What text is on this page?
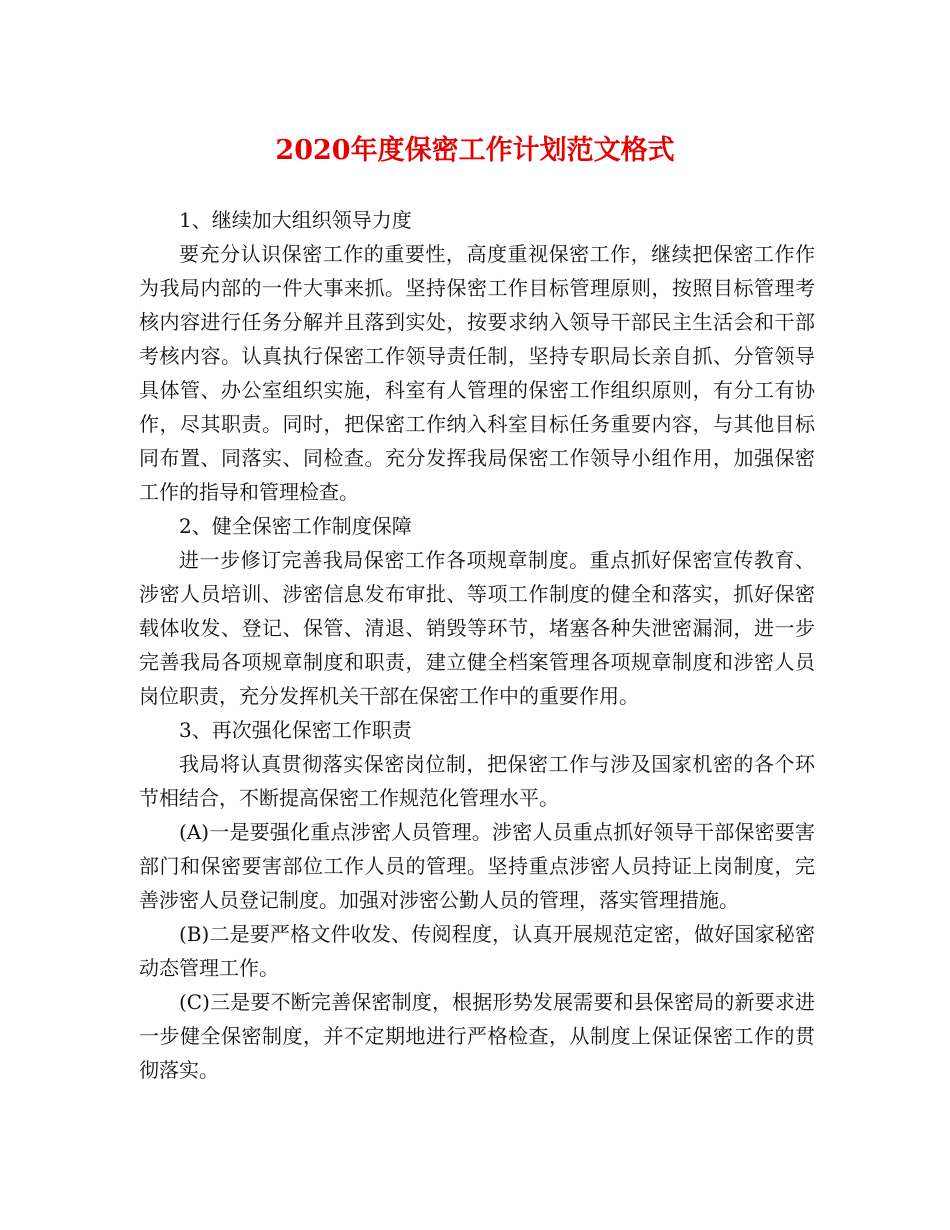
2020年度保密工作计划范文格式

1、继续加大组织领导力度

要充分认识保密工作的重要性，高度重视保密工作，继续把保密工作作为我局内部的一件大事来抓。坚持保密工作目标管理原则，按照目标管理考核内容进行任务分解并且落到实处，按要求纳入领导干部民主生活会和干部考核内容。认真执行保密工作领导责任制，坚持专职局长亲自抓、分管领导具体管、办公室组织实施，科室有人管理的保密工作组织原则，有分工有协作，尽其职责。同时，把保密工作纳入科室目标任务重要内容，与其他目标同布置、同落实、同检查。充分发挥我局保密工作领导小组作用，加强保密工作的指导和管理检查。

2、健全保密工作制度保障

进一步修订完善我局保密工作各项规章制度。重点抓好保密宣传教育、涉密人员培训、涉密信息发布审批、等项工作制度的健全和落实，抓好保密载体收发、登记、保管、清退、销毁等环节，堵塞各种失泄密漏洞，进一步完善我局各项规章制度和职责，建立健全档案管理各项规章制度和涉密人员岗位职责，充分发挥机关干部在保密工作中的重要作用。

3、再次强化保密工作职责

我局将认真贯彻落实保密岗位制，把保密工作与涉及国家机密的各个环节相结合，不断提高保密工作规范化管理水平。

(A)一是要强化重点涉密人员管理。涉密人员重点抓好领导干部保密要害部门和保密要害部位工作人员的管理。坚持重点涉密人员持证上岗制度，完善涉密人员登记制度。加强对涉密公勤人员的管理，落实管理措施。

(B)二是要严格文件收发、传阅程度，认真开展规范定密，做好国家秘密动态管理工作。

(C)三是要不断完善保密制度，根据形势发展需要和县保密局的新要求进一步健全保密制度，并不定期地进行严格检查，从制度上保证保密工作的贯彻落实。
